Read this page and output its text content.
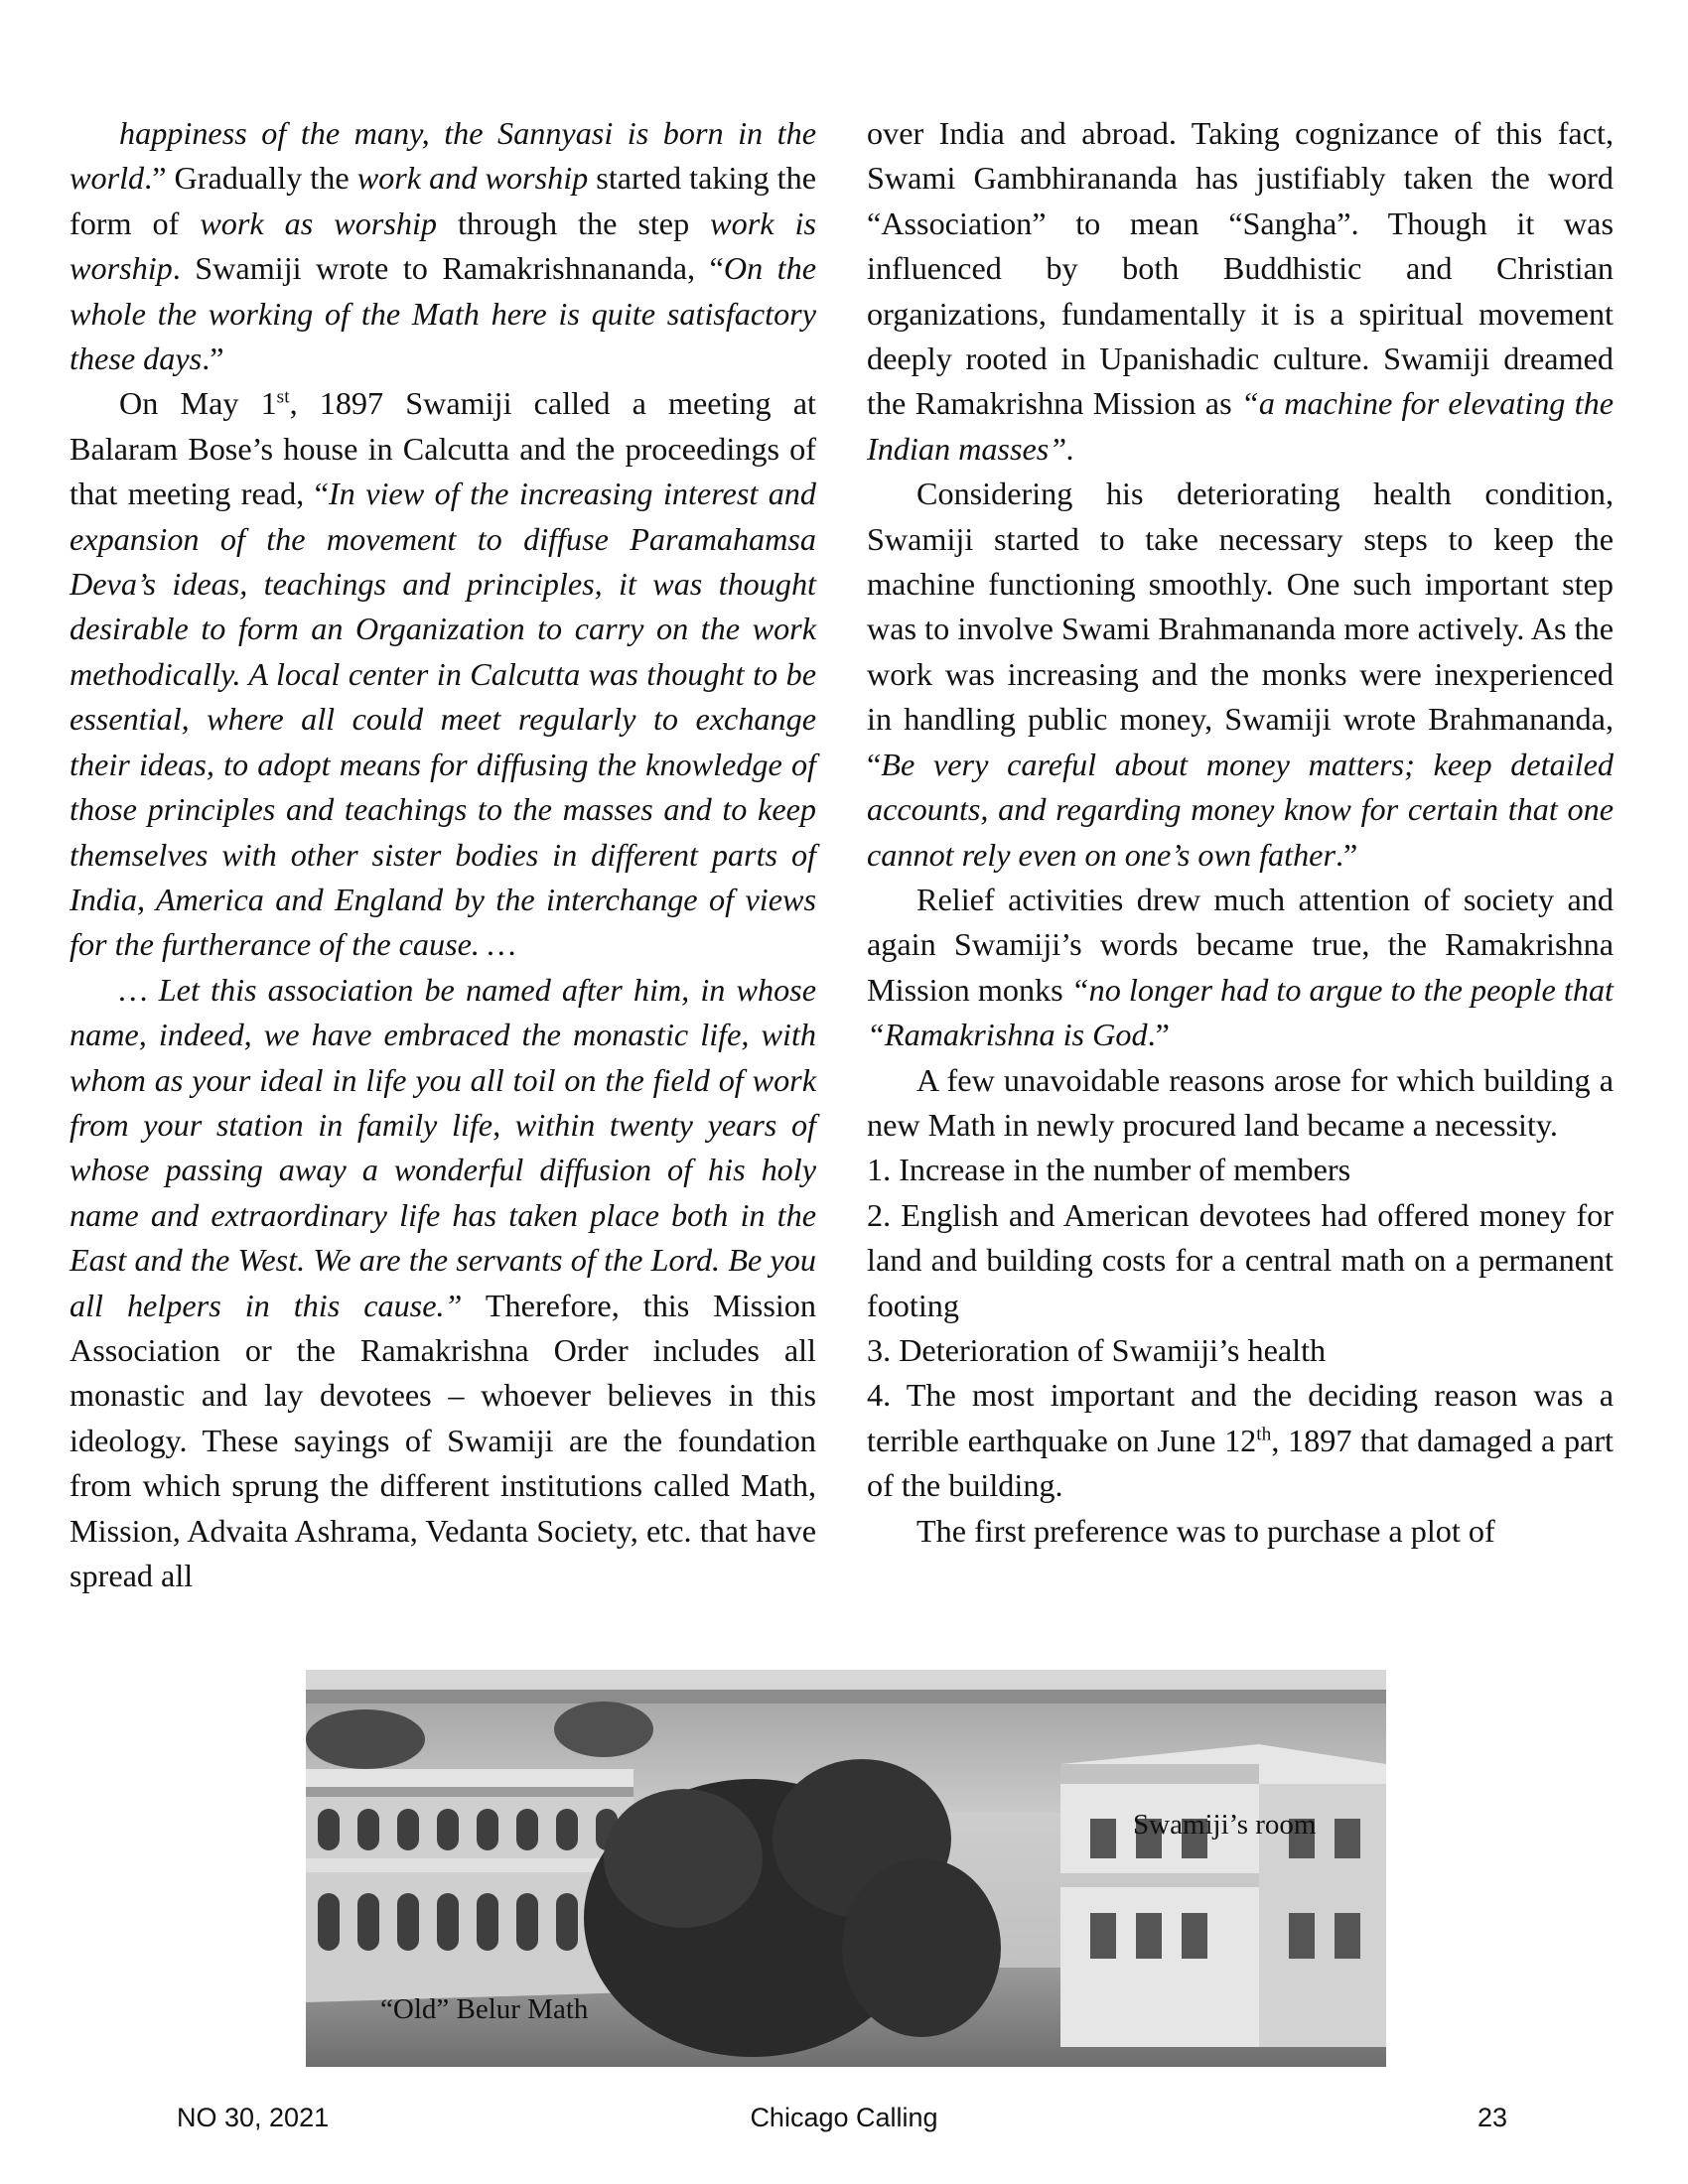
happiness of the many, the Sannyasi is born in the world.” Gradually the work and worship started taking the form of work as worship through the step work is worship. Swamiji wrote to Ramakrishnananda, “On the whole the working of the Math here is quite satisfactory these days.”

On May 1st, 1897 Swamiji called a meeting at Balaram Bose’s house in Calcutta and the proceedings of that meeting read, “In view of the increasing interest and expansion of the movement to diffuse Paramahamsa Deva’s ideas, teachings and principles, it was thought desirable to form an Organization to carry on the work methodically. A local center in Calcutta was thought to be essential, where all could meet regularly to exchange their ideas, to adopt means for diffusing the knowledge of those principles and teachings to the masses and to keep themselves with other sister bodies in different parts of India, America and England by the interchange of views for the furtherance of the cause. …

… Let this association be named after him, in whose name, indeed, we have embraced the monastic life, with whom as your ideal in life you all toil on the field of work from your station in family life, within twenty years of whose passing away a wonderful diffusion of his holy name and extraordinary life has taken place both in the East and the West. We are the servants of the Lord. Be you all helpers in this cause.” Therefore, this Mission Association or the Ramakrishna Order includes all monastic and lay devotees – whoever believes in this ideology. These sayings of Swamiji are the foundation from which sprung the different institutions called Math, Mission, Advaita Ashrama, Vedanta Society, etc. that have spread all

over India and abroad. Taking cognizance of this fact, Swami Gambhirananda has justifiably taken the word “Association” to mean “Sangha”. Though it was influenced by both Buddhistic and Christian organizations, fundamentally it is a spiritual movement deeply rooted in Upanishadic culture. Swamiji dreamed the Ramakrishna Mission as “a machine for elevating the Indian masses”.

Considering his deteriorating health condition, Swamiji started to take necessary steps to keep the machine functioning smoothly. One such important step was to involve Swami Brahmananda more actively. As the work was increasing and the monks were inexperienced in handling public money, Swamiji wrote Brahmananda, “Be very careful about money matters; keep detailed accounts, and regarding money know for certain that one cannot rely even on one’s own father.”

Relief activities drew much attention of society and again Swamiji’s words became true, the Ramakrishna Mission monks “no longer had to argue to the people that “Ramakrishna is God.”

A few unavoidable reasons arose for which building a new Math in newly procured land became a necessity.

1. Increase in the number of members

2. English and American devotees had offered money for land and building costs for a central math on a permanent footing

3. Deterioration of Swamiji’s health

4. The most important and the deciding reason was a terrible earthquake on June 12th, 1897 that damaged a part of the building.

The first preference was to purchase a plot of

Swamiji’s room
“Old” Belur Math
NO 30, 2021	Chicago Calling	23
